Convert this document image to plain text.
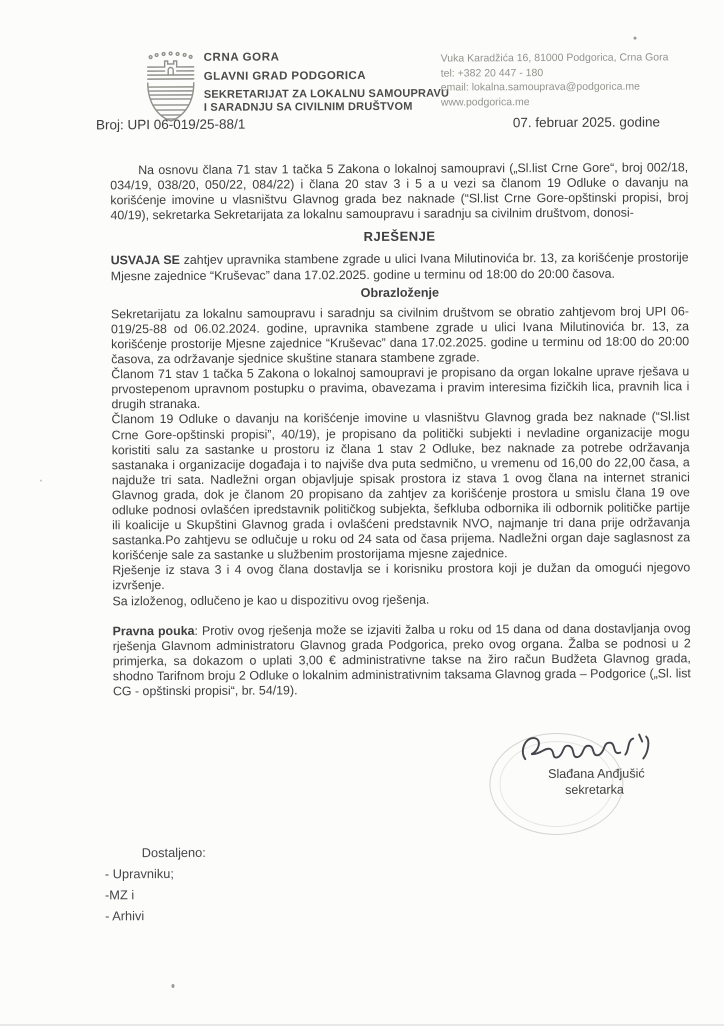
CRNA GORA
GLAVNI GRAD PODGORICA
SEKRETARIJAT ZA LOKALNU SAMOUPRAVU
I SARADNJU SA CIVILNIM DRUŠTVOM
Vuka Karadžića 16, 81000 Podgorica, Crna Gora
tel: +382 20 447 - 180
email: lokalna.samouprava@podgorica.me
www.podgorica.me
Broj: UPI 06-019/25-88/1	07. februar 2025. godine

Na osnovu člana 71 stav 1 tačka 5 Zakona o lokalnoj samoupravi („Sl.list Crne Gore“, broj 002/18, 034/19, 038/20, 050/22, 084/22) i člana 20 stav 3 i 5 a u vezi sa članom 19 Odluke o davanju na korišćenje imovine u vlasništvu Glavnog grada bez naknade (“Sl.list Crne Gore-opštinski propisi, broj 40/19), sekretarka Sekretarijata za lokalnu samoupravu i saradnju sa civilnim društvom, donosi-

RJEŠENJE

USVAJA SE zahtjev upravnika stambene zgrade u ulici Ivana Milutinovića br. 13, za korišćenje prostorije Mjesne zajednice “Kruševac” dana 17.02.2025. godine u terminu od 18:00 do 20:00 časova.

Obrazloženje

Sekretarijatu za lokalnu samoupravu i saradnju sa civilnim društvom se obratio zahtjevom broj UPI 06-019/25-88 od 06.02.2024. godine, upravnika stambene zgrade u ulici Ivana Milutinovića br. 13, za korišćenje prostorije Mjesne zajednice “Kruševac” dana 17.02.2025. godine u terminu od 18:00 do 20:00 časova, za održavanje sjednice skuštine stanara stambene zgrade.

Članom 71 stav 1 tačka 5 Zakona o lokalnoj samoupravi je propisano da organ lokalne uprave rješava u prvostepenom upravnom postupku o pravima, obavezama i pravim interesima fizičkih lica, pravnih lica i drugih stranaka.

Članom 19 Odluke o davanju na korišćenje imovine u vlasništvu Glavnog grada bez naknade (“Sl.list Crne Gore-opštinski propisi”, 40/19), je propisano da politički subjekti i nevladine organizacije mogu koristiti salu za sastanke u prostoru iz člana 1 stav 2 Odluke, bez naknade za potrebe održavanja sastanaka i organizacije događaja i to najviše dva puta sedmično, u vremenu od 16,00 do 22,00 časa, a najduže tri sata. Nadležni organ objavljuje spisak prostora iz stava 1 ovog člana na internet stranici Glavnog grada, dok je članom 20 propisano da zahtjev za korišćenje prostora u smislu člana 19 ove odluke podnosi ovlašćen ipredstavnik političkog subjekta, šefkluba odbornika ili odbornik političke partije ili koalicije u Skupštini Glavnog grada i ovlašćeni predstavnik NVO, najmanje tri dana prije održavanja sastanka.Po zahtjevu se odlučuje u roku od 24 sata od časa prijema. Nadležni organ daje saglasnost za korišćenje sale za sastanke u službenim prostorijama mjesne zajednice.

Rješenje iz stava 3 i 4 ovog člana dostavlja se i korisniku prostora koji je dužan da omogući njegovo izvršenje.

Sa izloženog, odlučeno je kao u dispozitivu ovog rješenja.

Pravna pouka: Protiv ovog rješenja može se izjaviti žalba u roku od 15 dana od dana dostavljanja ovog rješenja Glavnom administratoru Glavnog grada Podgorica, preko ovog organa. Žalba se podnosi u 2 primjerka, sa dokazom o uplati 3,00 € administrativne takse na žiro račun Budžeta Glavnog grada, shodno Tarifnom broju 2 Odluke o lokalnim administrativnim taksama Glavnog grada – Podgorice („Sl. list CG - opštinski propisi“, br. 54/19).

Slađana Anđjušić
sekretarka
Dostaljeno:
- Upravniku;
-MZ i
- Arhivi
